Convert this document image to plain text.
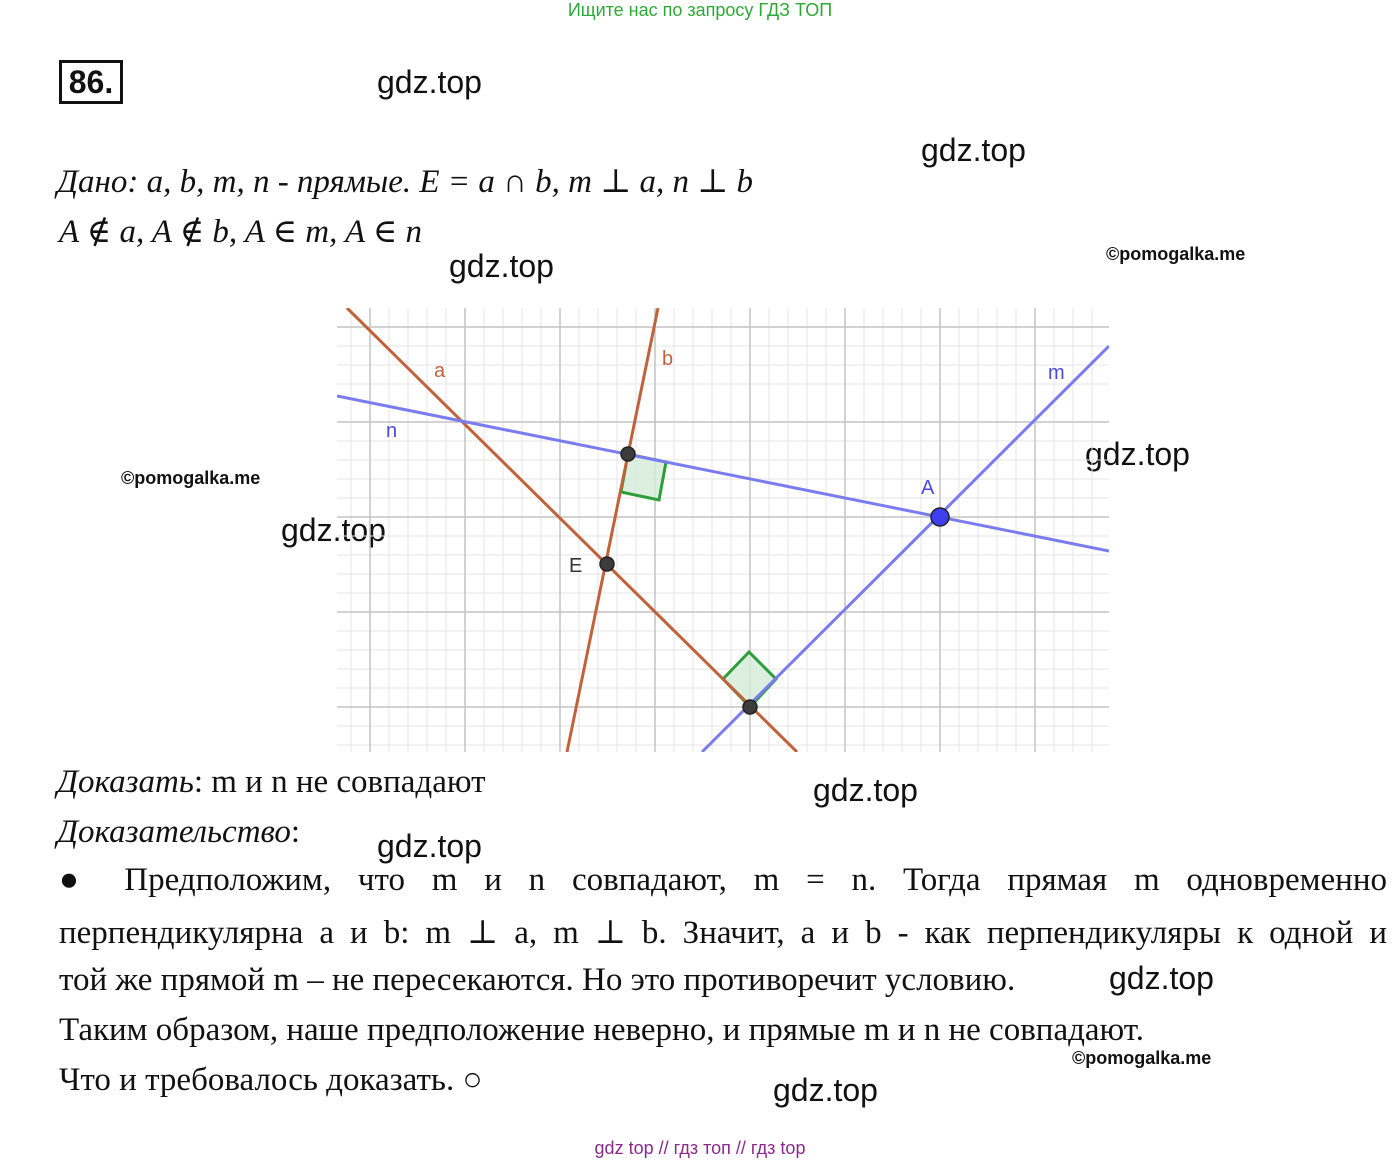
Ищите нас по запросу ГДЗ ТОП
86.	gdz.top
gdz.top
gdz.top
gdz.top
gdz.top
gdz.top
gdz.top
gdz.top
gdz.top
©pomogalka.me
©pomogalka.me
©pomogalka.me
Дано: a, b, m, n - прямые. E = a ∩ b, m ⊥ a, n ⊥ b
A ∉ a, A ∉ b, A ∈ m, A ∈ n
a
b
m
n
A
E
Доказать: m и n не совпадают
Доказательство:
● Предположим, что m и n совпадают, m = n. Тогда прямая m одновременно
перпендикулярна a и b: m ⊥ a, m ⊥ b. Значит, a и b - как перпендикуляры к одной и
той же прямой m – не пересекаются. Но это противоречит условию.
Таким образом, наше предположение неверно, и прямые m и n не совпадают.
Что и требовалось доказать. ○
gdz top // гдз топ // гдз top
